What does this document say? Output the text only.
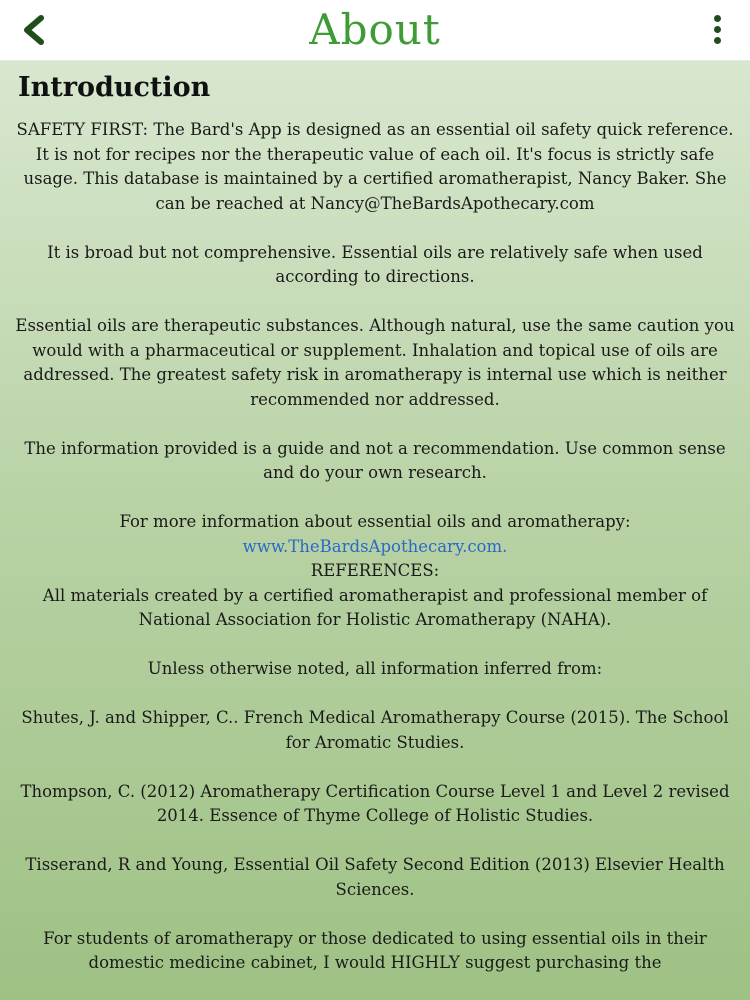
About
Introduction

SAFETY FIRST: The Bard's App is designed as an essential oil safety quick reference. It is not for recipes nor the therapeutic value of each oil. It's focus is strictly safe usage. This database is maintained by a certified aromatherapist, Nancy Baker. She can be reached at Nancy@TheBardsApothecary.com

It is broad but not comprehensive. Essential oils are relatively safe when used according to directions.

Essential oils are therapeutic substances. Although natural, use the same caution you would with a pharmaceutical or supplement. Inhalation and topical use of oils are addressed. The greatest safety risk in aromatherapy is internal use which is neither recommended nor addressed.

The information provided is a guide and not a recommendation. Use common sense and do your own research.

For more information about essential oils and aromatherapy:

www.TheBardsApothecary.com.

REFERENCES:

All materials created by a certified aromatherapist and professional member of National Association for Holistic Aromatherapy (NAHA).

Unless otherwise noted, all information inferred from:

Shutes, J. and Shipper, C.. French Medical Aromatherapy Course (2015). The School for Aromatic Studies.

Thompson, C. (2012) Aromatherapy Certification Course Level 1 and Level 2 revised 2014. Essence of Thyme College of Holistic Studies.

Tisserand, R and Young, Essential Oil Safety Second Edition (2013) Elsevier Health Sciences.

For students of aromatherapy or those dedicated to using essential oils in their domestic medicine cabinet, I would HIGHLY suggest purchasing the
